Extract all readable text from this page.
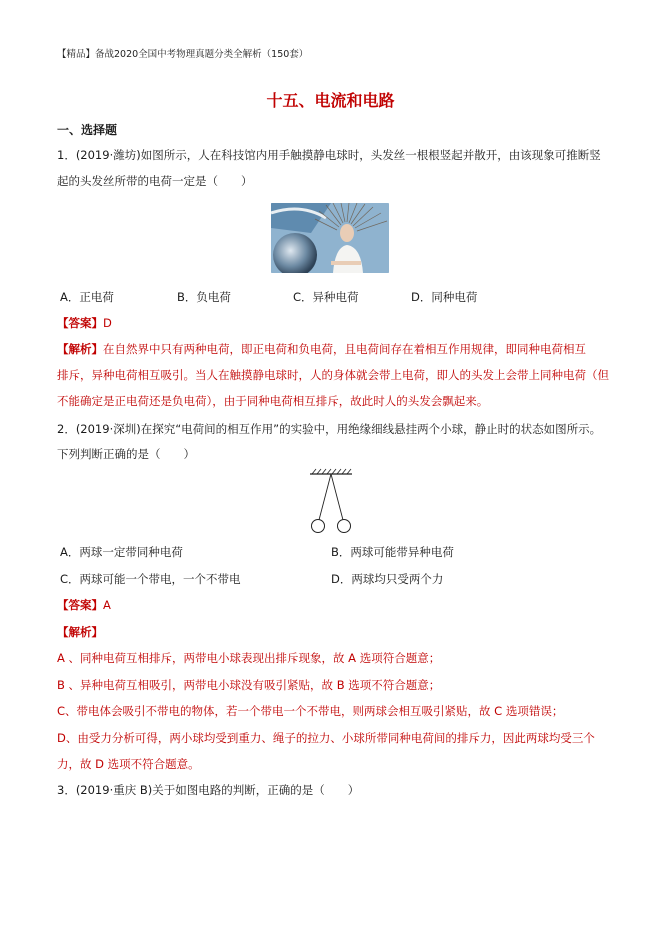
【精品】备战2020全国中考物理真题分类全解析（150套）
十五、电流和电路
一、选择题
1．(2019·潍坊)如图所示，人在科技馆内用手触摸静电球时，头发丝一根根竖起并散开，由该现象可推断竖
起的头发丝所带的电荷一定是（　　）
A．正电荷	B．负电荷	C．异种电荷	D．同种电荷
【答案】D
【解析】在自然界中只有两种电荷，即正电荷和负电荷，且电荷间存在着相互作用规律，即同种电荷相互
排斥，异种电荷相互吸引。当人在触摸静电球时，人的身体就会带上电荷，即人的头发上会带上同种电荷（但
不能确定是正电荷还是负电荷），由于同种电荷相互排斥，故此时人的头发会飘起来。
2．(2019·深圳)在探究“电荷间的相互作用”的实验中，用绝缘细线悬挂两个小球，静止时的状态如图所示。
下列判断正确的是（　　）
A．两球一定带同种电荷	B．两球可能带异种电荷
C．两球可能一个带电，一个不带电	D．两球均只受两个力
【答案】A
【解析】
A 、同种电荷互相排斥，两带电小球表现出排斥现象，故 A 选项符合题意；
B 、异种电荷互相吸引，两带电小球没有吸引紧贴，故 B 选项不符合题意；
C、带电体会吸引不带电的物体，若一个带电一个不带电，则两球会相互吸引紧贴，故 C 选项错误；
D、由受力分析可得，两小球均受到重力、绳子的拉力、小球所带同种电荷间的排斥力，因此两球均受三个
力，故 D 选项不符合题意。
3．(2019·重庆 B)关于如图电路的判断，正确的是（　　）
